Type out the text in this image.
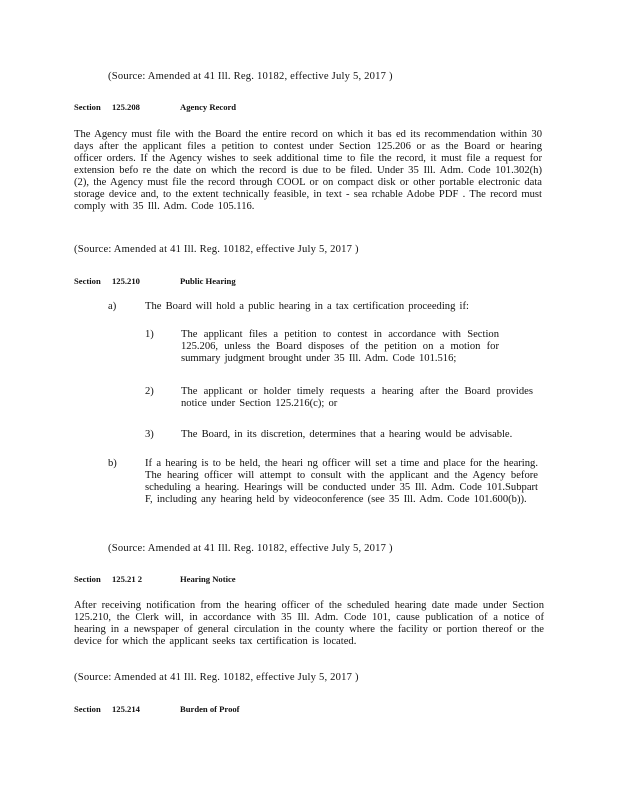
(Source: Amended at 41 Ill. Reg. 10182, effective July 5, 2017 )

Section 125.208	Agency Record

The Agency must file with the Board the entire record on which it bas ed its recommendation within 30 days after the applicant files a petition to contest under Section 125.206 or as the Board or hearing officer orders. If the Agency wishes to seek additional time to file the record, it must file a request for extension befo re the date on which the record is due to be filed. Under 35 Ill. Adm. Code 101.302(h)(2), the Agency must file the record through COOL or on compact disk or other portable electronic data storage device and, to the extent technically feasible, in text - sea rchable Adobe PDF . The record must comply with 35 Ill. Adm. Code 105.116.

(Source: Amended at 41 Ill. Reg. 10182, effective July 5, 2017 )

Section 125.210	Public Hearing
a)	The Board will hold a public hearing in a tax certification proceeding if:
1)	The applicant files a petition to contest in accordance with Section 125.206, unless the Board disposes of the petition on a motion for summary judgment brought under 35 Ill. Adm. Code 101.516;
2)	The applicant or holder timely requests a hearing after the Board provides notice under Section 125.216(c); or
3)	The Board, in its discretion, determines that a hearing would be advisable.
b)	If a hearing is to be held, the heari ng officer will set a time and place for the hearing. The hearing officer will attempt to consult with the applicant and the Agency before scheduling a hearing. Hearings will be conducted under 35 Ill. Adm. Code 101.Subpart F, including any hearing held by videoconference (see 35 Ill. Adm. Code 101.600(b)).

(Source: Amended at 41 Ill. Reg. 10182, effective July 5, 2017 )

Section 125.21 2	Hearing Notice

After receiving notification from the hearing officer of the scheduled hearing date made under Section 125.210, the Clerk will, in accordance with 35 Ill. Adm. Code 101, cause publication of a notice of hearing in a newspaper of general circulation in the county where the facility or portion thereof or the device for which the applicant seeks tax certification is located.

(Source: Amended at 41 Ill. Reg. 10182, effective July 5, 2017 )

Section 125.214	Burden of Proof
